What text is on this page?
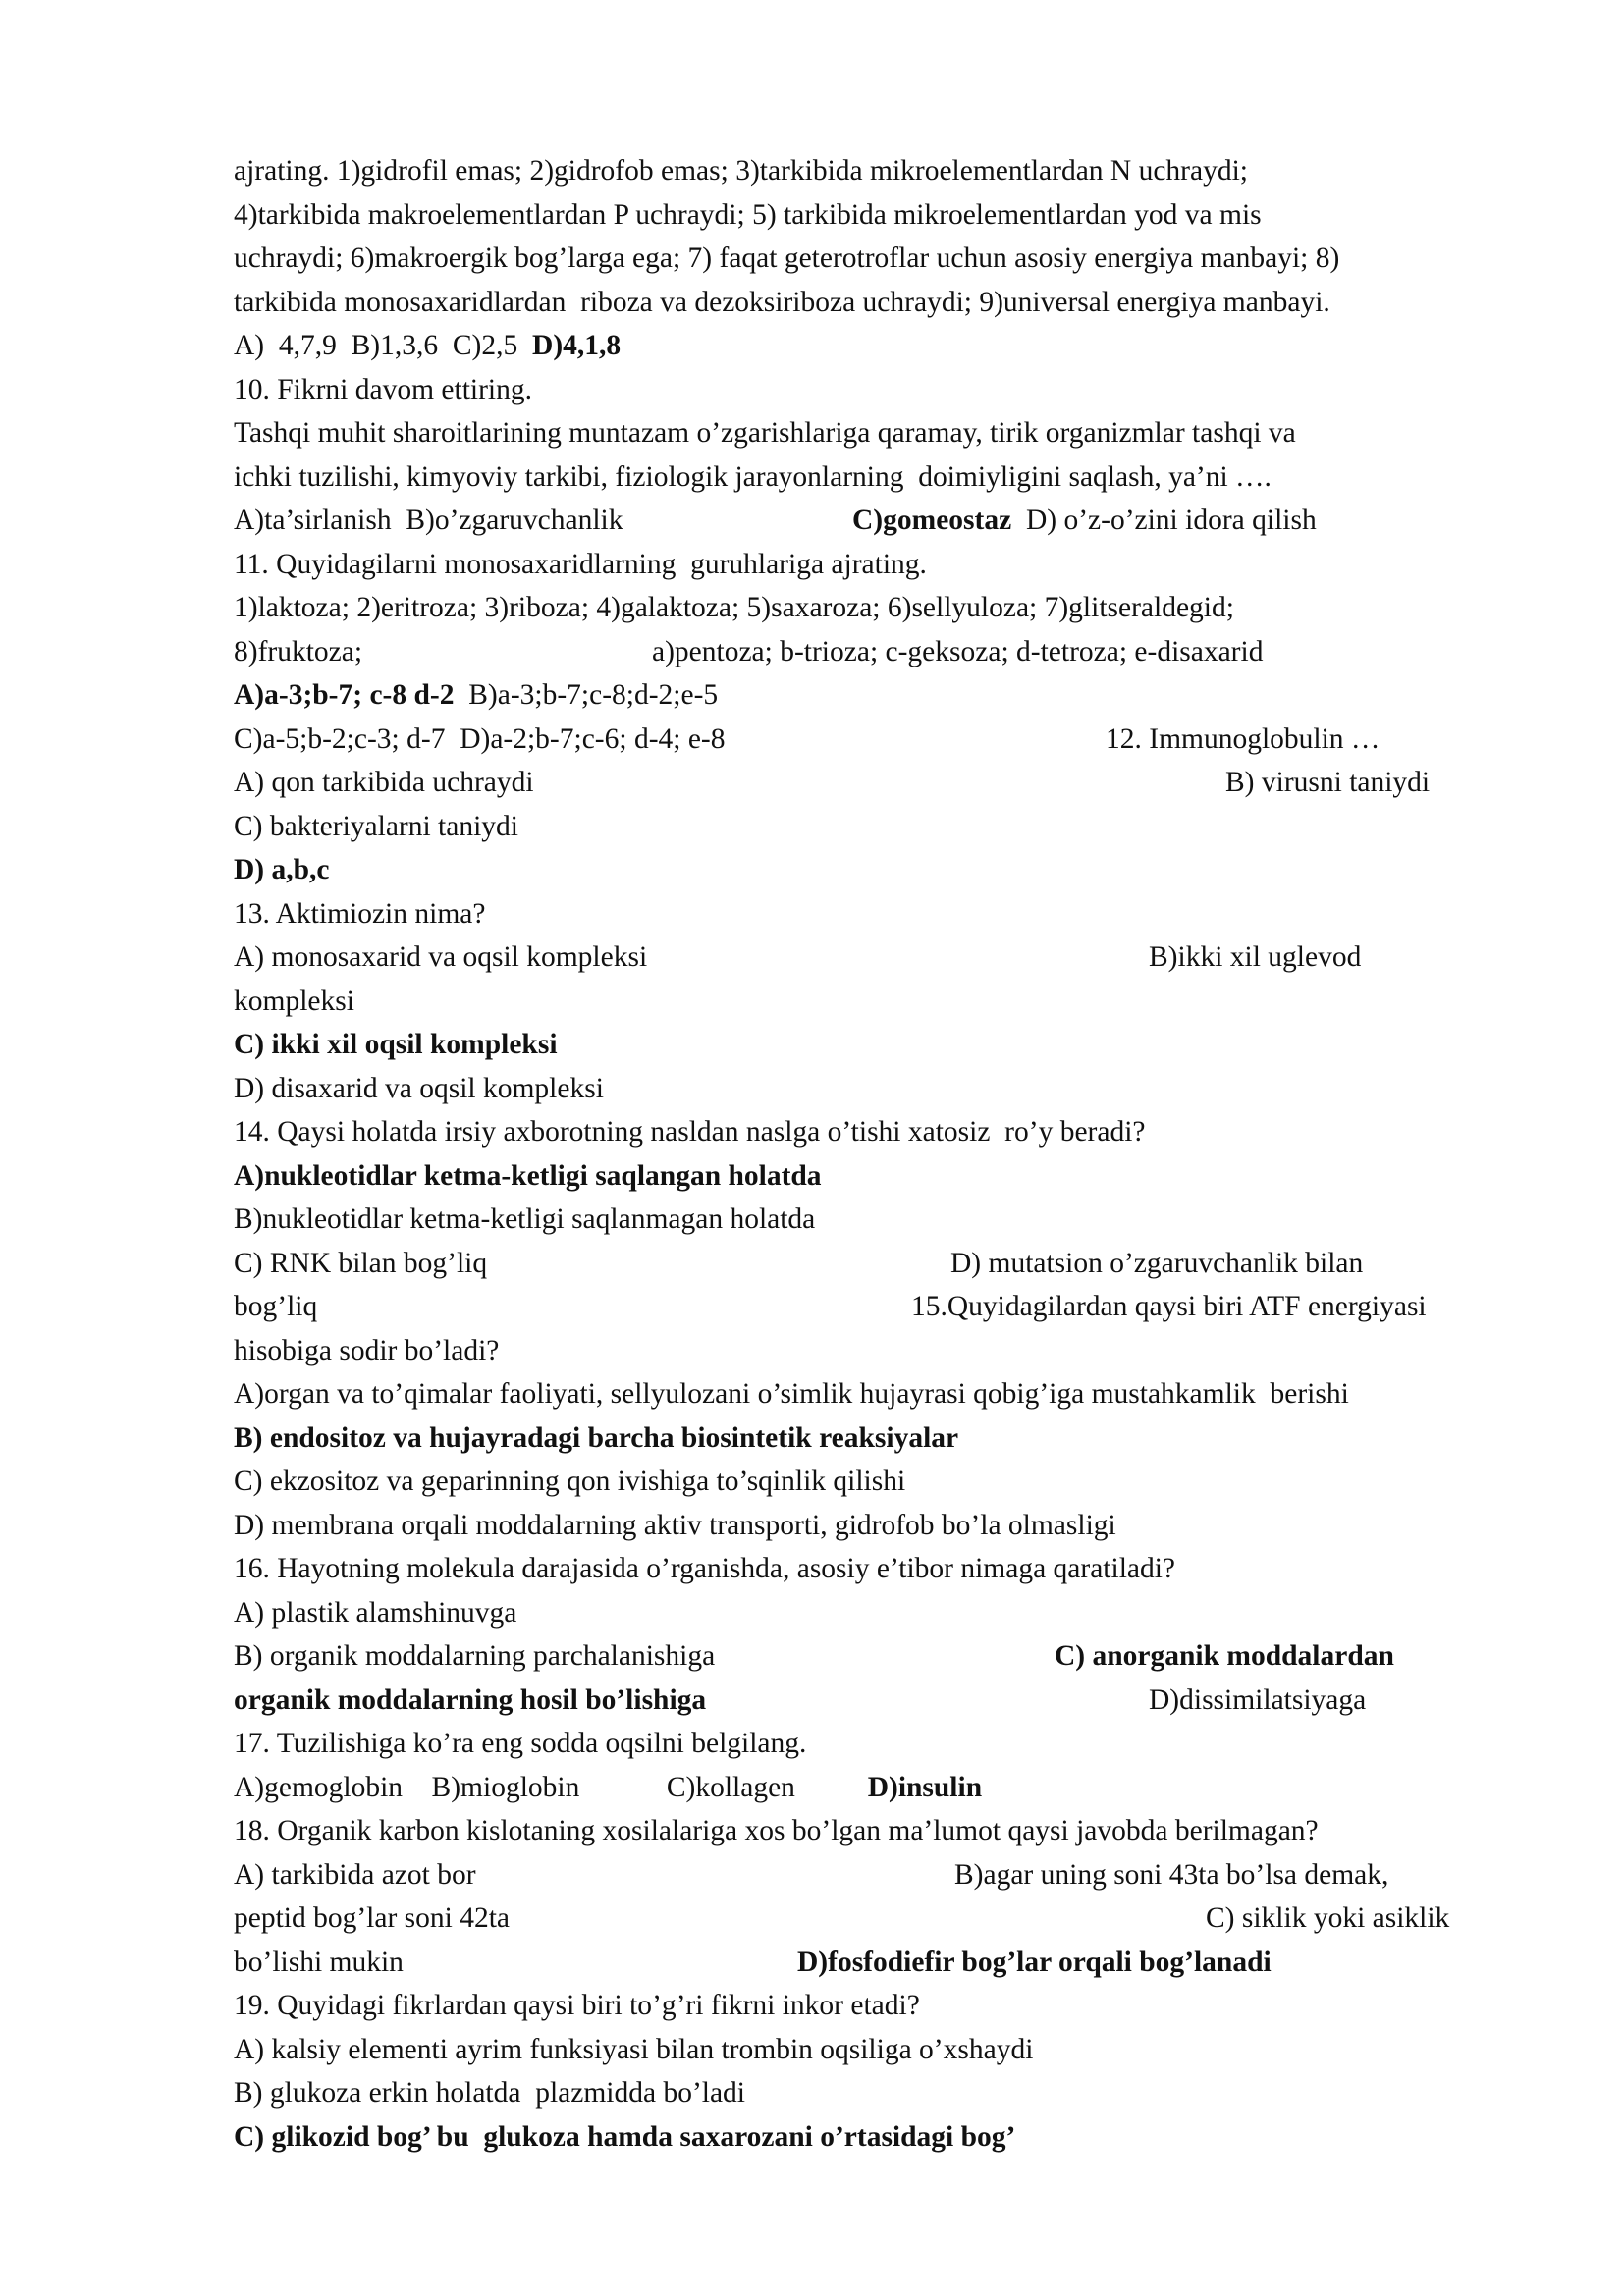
ajrating. 1)gidrofil emas; 2)gidrofob emas; 3)tarkibida mikroelementlardan N uchraydi;
4)tarkibida makroelementlardan P uchraydi; 5) tarkibida mikroelementlardan yod va mis
uchraydi; 6)makroergik bog’larga ega; 7) faqat geterotroflar uchun asosiy energiya manbayi; 8)
tarkibida monosaxaridlardan  riboza va dezoksiriboza uchraydi; 9)universal energiya manbayi.
A)  4,7,9  B)1,3,6  C)2,5  D)4,1,8
10. Fikrni davom ettiring.
Tashqi muhit sharoitlarining muntazam o’zgarishlariga qaramay, tirik organizmlar tashqi va
ichki tuzilishi, kimyoviy tarkibi, fiziologik jarayonlarning  doimiyligini saqlash, ya’ni ….
A)ta’sirlanish  B)o’zgaruvchanlik	C)gomeostaz  D) o’z-o’zini idora qilish
11. Quyidagilarni monosaxaridlarning  guruhlariga ajrating.
1)laktoza; 2)eritroza; 3)riboza; 4)galaktoza; 5)saxaroza; 6)sellyuloza; 7)glitseraldegid;
8)fruktoza;	a)pentoza; b-trioza; c-geksoza; d-tetroza; e-disaxarid
A)a-3;b-7; c-8 d-2  B)a-3;b-7;c-8;d-2;e-5
C)a-5;b-2;c-3; d-7  D)a-2;b-7;c-6; d-4; e-8	12. Immunoglobulin …
A) qon tarkibida uchraydi	B) virusni taniydi
C) bakteriyalarni taniydi
D) a,b,c
13. Aktimiozin nima?
A) monosaxarid va oqsil kompleksi	B)ikki xil uglevod
kompleksi
C) ikki xil oqsil kompleksi
D) disaxarid va oqsil kompleksi
14. Qaysi holatda irsiy axborotning nasldan naslga o’tishi xatosiz  ro’y beradi?
A)nukleotidlar ketma-ketligi saqlangan holatda
B)nukleotidlar ketma-ketligi saqlanmagan holatda
C) RNK bilan bog’liq	D) mutatsion o’zgaruvchanlik bilan
bog’liq	15.Quyidagilardan qaysi biri ATF energiyasi
hisobiga sodir bo’ladi?
A)organ va to’qimalar faoliyati, sellyulozani o’simlik hujayrasi qobig’iga mustahkamlik  berishi
B) endositoz va hujayradagi barcha biosintetik reaksiyalar
C) ekzositoz va geparinning qon ivishiga to’sqinlik qilishi
D) membrana orqali moddalarning aktiv transporti, gidrofob bo’la olmasligi
16. Hayotning molekula darajasida o’rganishda, asosiy e’tibor nimaga qaratiladi?
A) plastik alamshinuvga
B) organik moddalarning parchalanishiga	C) anorganik moddalardan
organik moddalarning hosil bo’lishiga	D)dissimilatsiyaga
17. Tuzilishiga ko’ra eng sodda oqsilni belgilang.
A)gemoglobin    B)mioglobin            C)kollagen          D)insulin
18. Organik karbon kislotaning xosilalariga xos bo’lgan ma’lumot qaysi javobda berilmagan?
A) tarkibida azot bor	B)agar uning soni 43ta bo’lsa demak,
peptid bog’lar soni 42ta	C) siklik yoki asiklik
bo’lishi mukin	D)fosfodiefir bog’lar orqali bog’lanadi
19. Quyidagi fikrlardan qaysi biri to’g’ri fikrni inkor etadi?
A) kalsiy elementi ayrim funksiyasi bilan trombin oqsiliga o’xshaydi
B) glukoza erkin holatda  plazmidda bo’ladi
C) glikozid bog’ bu  glukoza hamda saxarozani o’rtasidagi bog’
